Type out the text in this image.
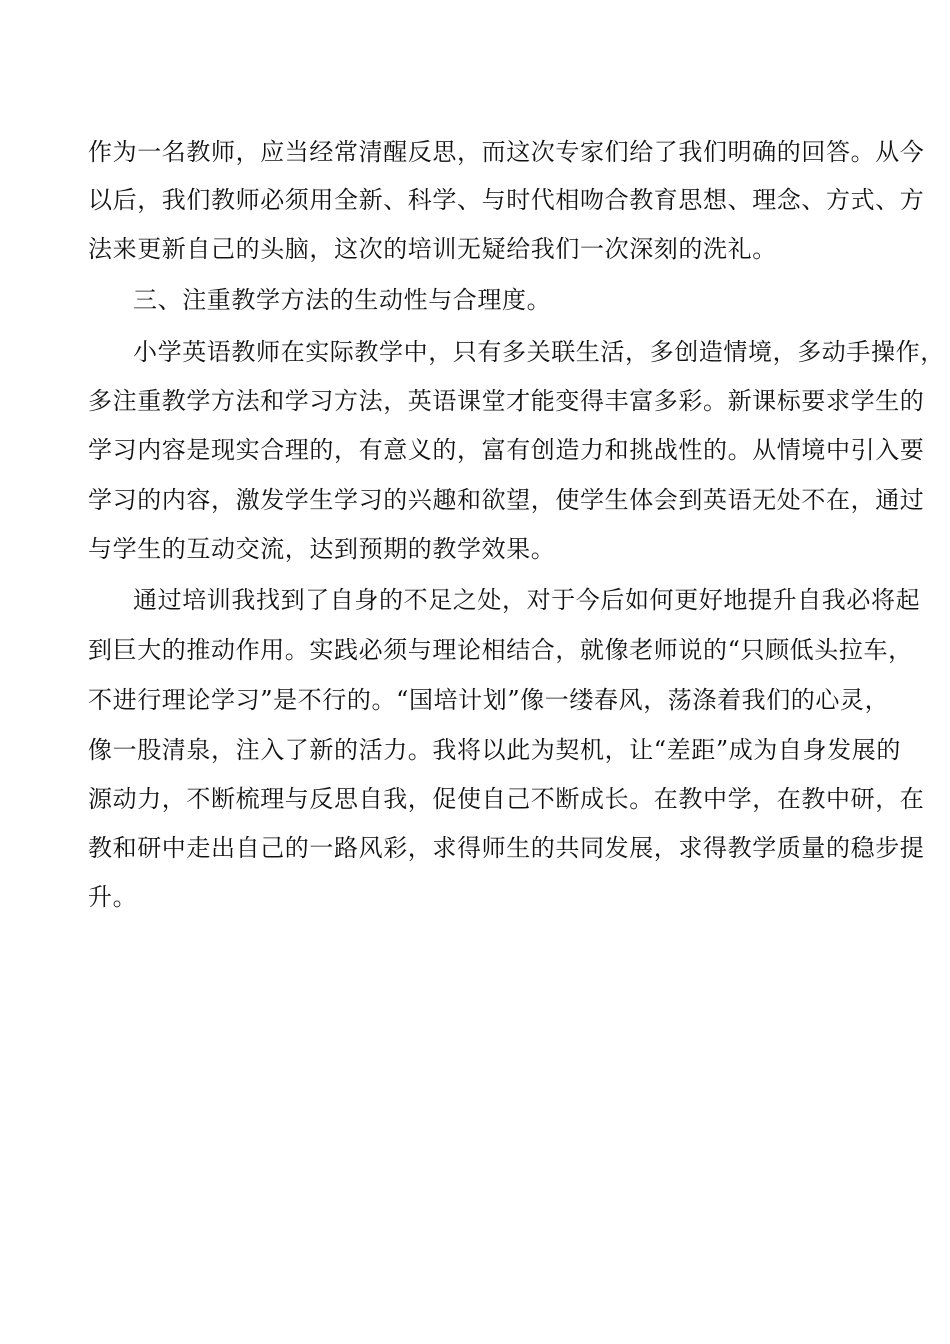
作为一名教师，应当经常清醒反思，而这次专家们给了我们明确的回答。从今
以后，我们教师必须用全新、科学、与时代相吻合教育思想、理念、方式、方
法来更新自己的头脑，这次的培训无疑给我们一次深刻的洗礼。
三、注重教学方法的生动性与合理度。
小学英语教师在实际教学中，只有多关联生活，多创造情境，多动手操作，
多注重教学方法和学习方法，英语课堂才能变得丰富多彩。新课标要求学生的
学习内容是现实合理的，有意义的，富有创造力和挑战性的。从情境中引入要
学习的内容，激发学生学习的兴趣和欲望，使学生体会到英语无处不在，通过
与学生的互动交流，达到预期的教学效果。
通过培训我找到了自身的不足之处，对于今后如何更好地提升自我必将起
到巨大的推动作用。实践必须与理论相结合，就像老师说的“只顾低头拉车，
不进行理论学习”是不行的。“国培计划”像一缕春风，荡涤着我们的心灵，
像一股清泉，注入了新的活力。我将以此为契机，让“差距”成为自身发展的
源动力，不断梳理与反思自我，促使自己不断成长。在教中学，在教中研，在
教和研中走出自己的一路风彩，求得师生的共同发展，求得教学质量的稳步提
升。
